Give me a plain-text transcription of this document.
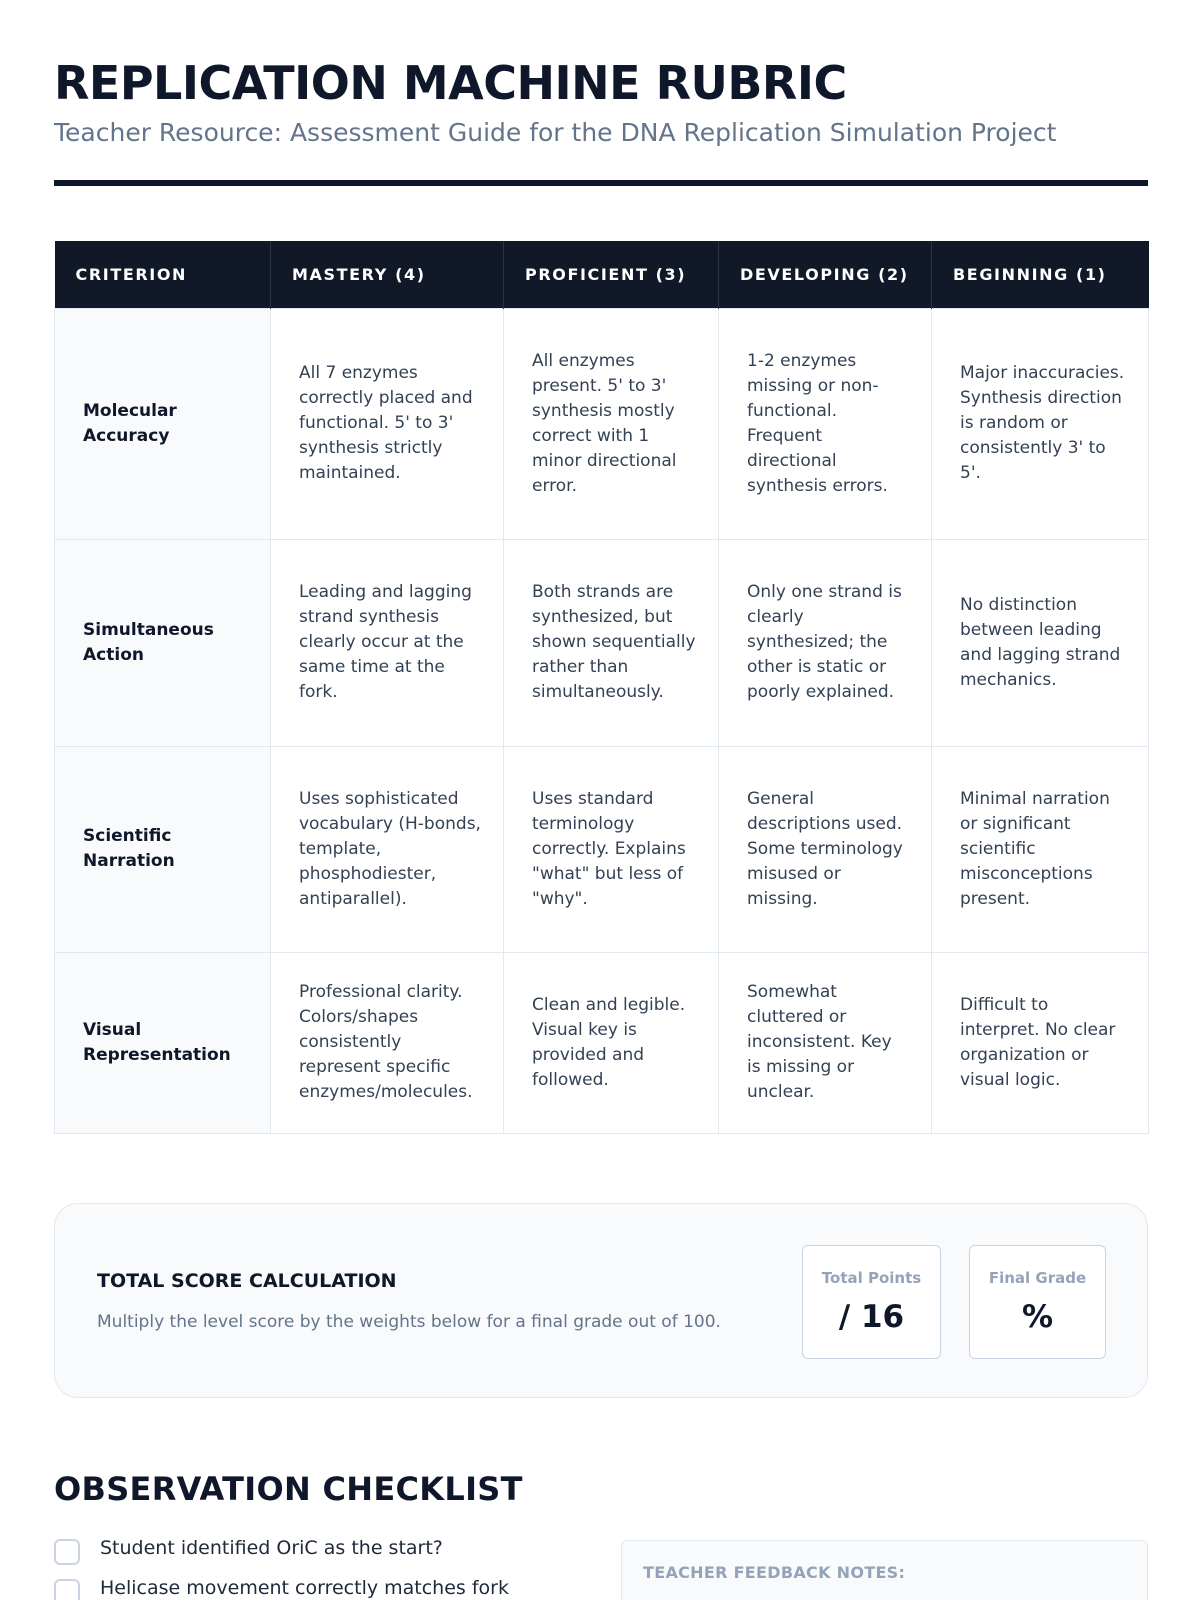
REPLICATION MACHINE RUBRIC
Teacher Resource: Assessment Guide for the DNA Replication Simulation Project
CRITERION	MASTERY (4)	PROFICIENT (3)	DEVELOPING (2)	BEGINNING (1)
Molecular Accuracy	All 7 enzymes correctly placed and functional. 5' to 3' synthesis strictly maintained.	All enzymes present. 5' to 3' synthesis mostly correct with 1 minor directional error.	1-2 enzymes missing or non-functional. Frequent directional synthesis errors.	Major inaccuracies. Synthesis direction is random or consistently 3' to 5'.
Simultaneous Action	Leading and lagging strand synthesis clearly occur at the same time at the fork.	Both strands are synthesized, but shown sequentially rather than simultaneously.	Only one strand is clearly synthesized; the other is static or poorly explained.	No distinction between leading and lagging strand mechanics.
Scientific Narration	Uses sophisticated vocabulary (H-bonds, template, phosphodiester, antiparallel).	Uses standard terminology correctly. Explains "what" but less of "why".	General descriptions used. Some terminology misused or missing.	Minimal narration or significant scientific misconceptions present.
Visual Representation	Professional clarity. Colors/shapes consistently represent specific enzymes/molecules.	Clean and legible. Visual key is provided and followed.	Somewhat cluttered or inconsistent. Key is missing or unclear.	Difficult to interpret. No clear organization or visual logic.
TOTAL SCORE CALCULATION
Multiply the level score by the weights below for a final grade out of 100.
Total Points
/ 16
Final Grade
%
OBSERVATION CHECKLIST
Student identified OriC as the start?
Helicase movement correctly matches fork
TEACHER FEEDBACK NOTES:
